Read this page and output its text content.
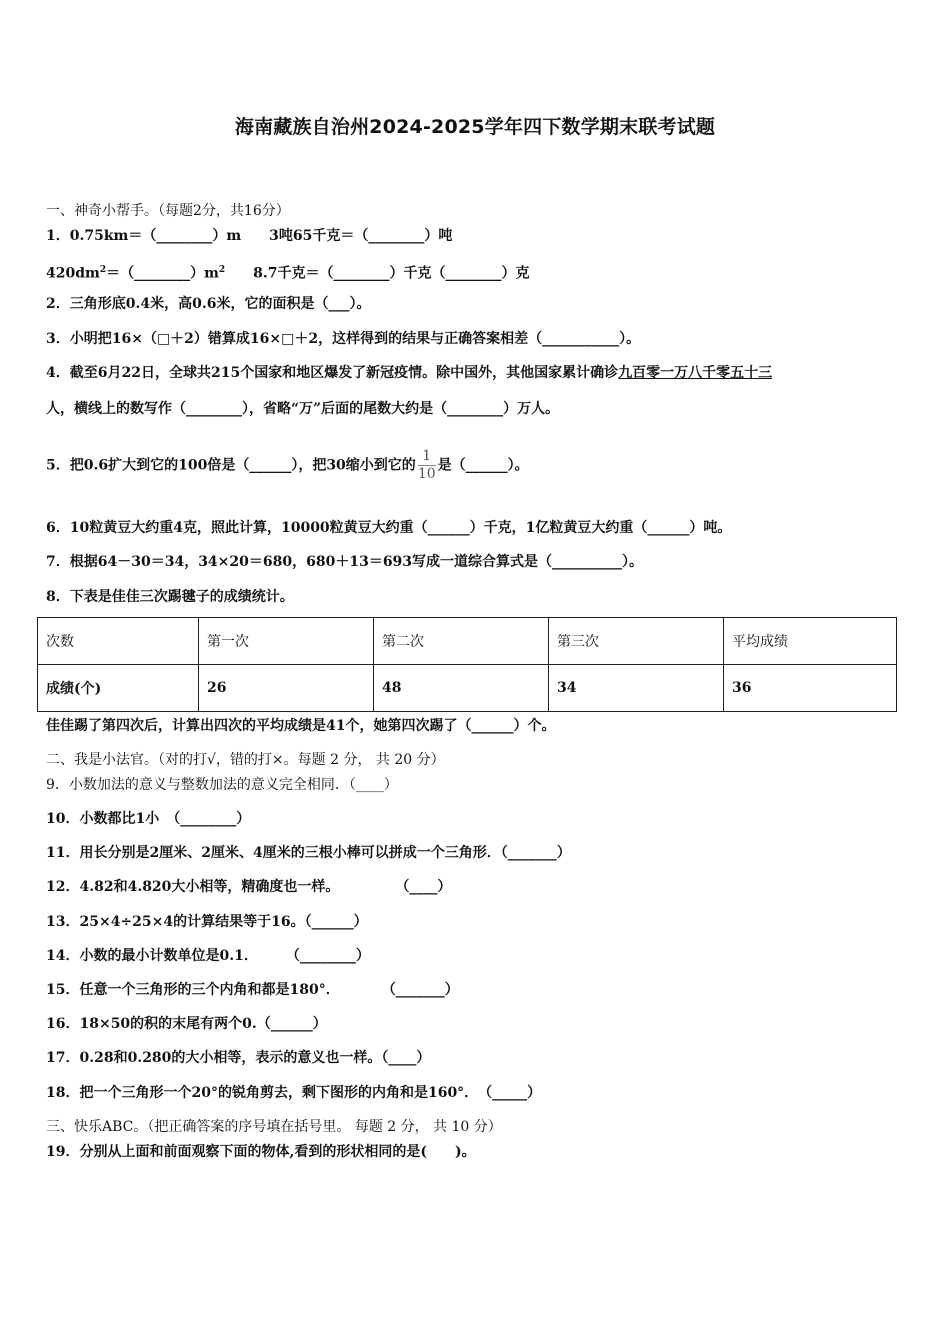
海南藏族自治州2024-2025学年四下数学期末联考试题
一、神奇小帮手。（每题2分，共16分）
1．0.75km＝（________）m　　3吨65千克＝（________）吨
$420dm^2=(\_\_\_\_\_\_\_\_)m^2$　　8.7千克＝（________）千克（________）克
2．三角形底0.4米，高0.6米，它的面积是（___）。
3．小明把16×（□＋2）错算成16×□＋2，这样得到的结果与正确答案相差（___________）。
4．截至6月22日，全球共215个国家和地区爆发了新冠疫情。除中国外，其他国家累计确诊九百零一万八千零五十三
人，横线上的数写作（________），省略“万”后面的尾数大约是（________）万人。
5．把0.6扩大到它的100倍是（______），把30缩小到它的 $\frac{1}{10}$ 是（______）。
6．10粒黄豆大约重4克，照此计算，10000粒黄豆大约重（______）千克，1亿粒黄豆大约重（______）吨。
7．根据64－30＝34，34×20＝680，680＋13＝693写成一道综合算式是（__________）。
8．下表是佳佳三次踢毽子的成绩统计。
次数	第一次	第二次	第三次	平均成绩
成绩(个)	26	48	34	36
佳佳踢了第四次后，计算出四次的平均成绩是41个，她第四次踢了（______）个。
二、我是小法官。（对的打√，错的打×。每题 2 分， 共 20 分）
9．小数加法的意义与整数加法的意义完全相同．（____）
10．小数都比1小　（________）
11．用长分别是2厘米、2厘米、4厘米的三根小棒可以拼成一个三角形．（_______）
12．4.82和4.820大小相等，精确度也一样。　　　　　（____）
13．25×4÷25×4的计算结果等于16。（______）
14．小数的最小计数单位是0.1．　　　（________）
15．任意一个三角形的三个内角和都是180°．　　　　（_______）
16．18×50的积的末尾有两个0.（______）
17．0.28和0.280的大小相等，表示的意义也一样。（____）
18．把一个三角形一个20°的锐角剪去，剩下图形的内角和是160°．　（_____）
三、快乐ABC。（把正确答案的序号填在括号里。 每题 2 分， 共 10 分）
19．分别从上面和前面观察下面的物体,看到的形状相同的是(　　)。
